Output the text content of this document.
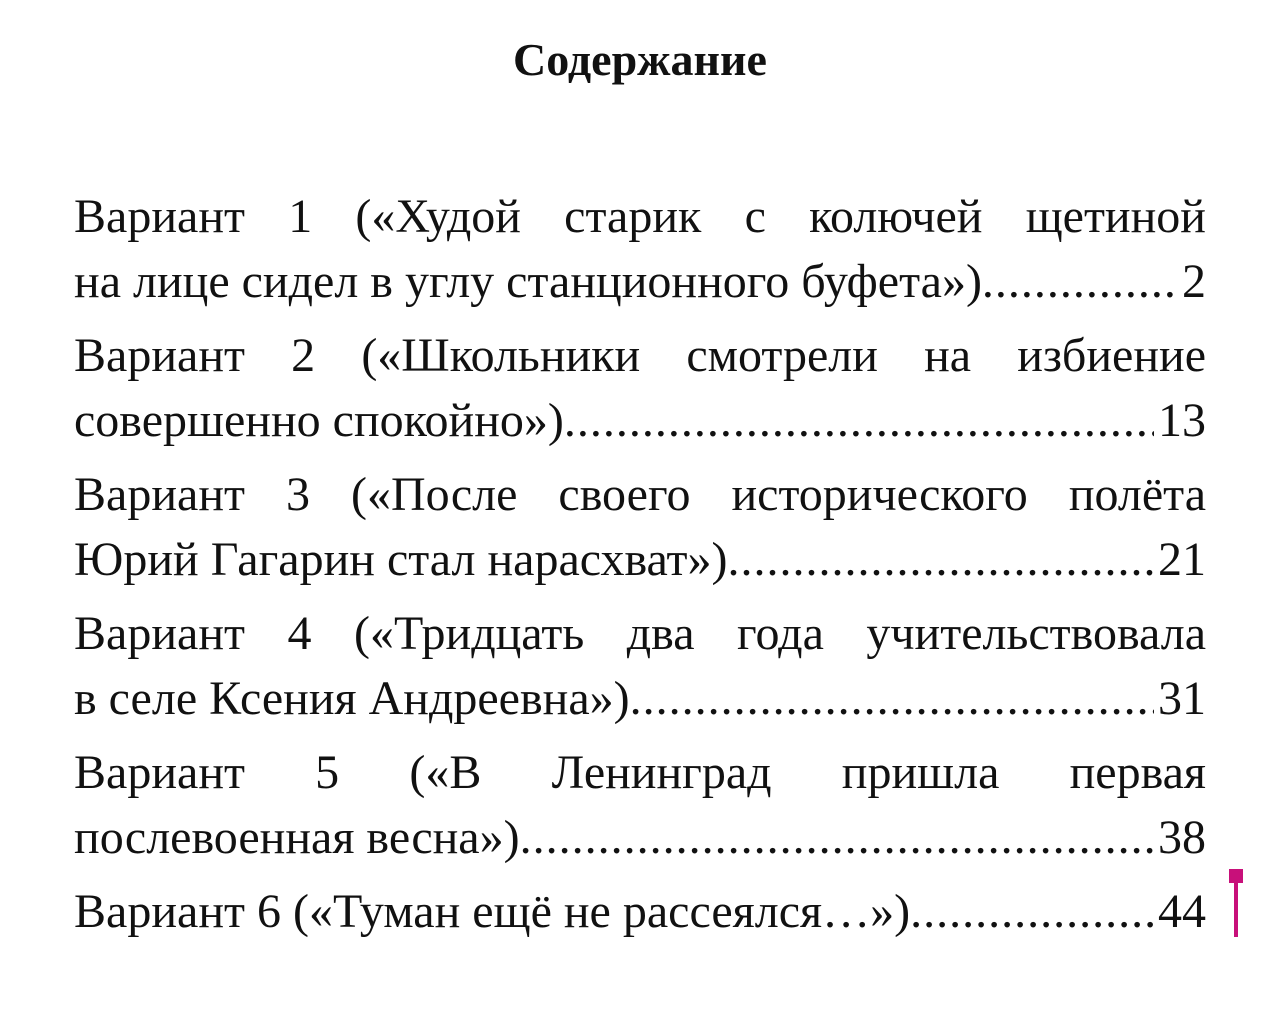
Содержание
Вариант 1 («Худой старик с колючей щетиной
на лице сидел в углу станционного буфета») .....	2
Вариант 2 («Школьники смотрели на избиение
совершенно спокойно») .....	13
Вариант 3 («После своего исторического полёта
Юрий Гагарин стал нарасхват») .....	21
Вариант 4 («Тридцать два года учительствовала
в селе Ксения Андреевна») .....	31
Вариант 5 («В Ленинград пришла первая
послевоенная весна») .....	38
Вариант 6 («Туман ещё не рассеялся…») .....	44
